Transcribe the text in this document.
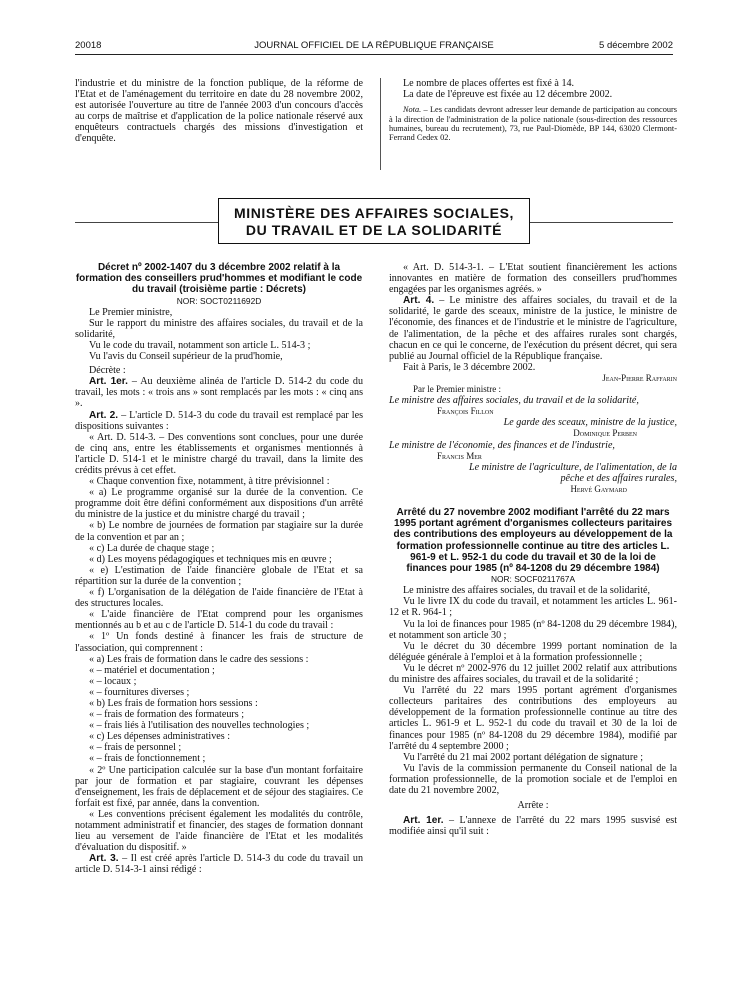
20018	JOURNAL OFFICIEL DE LA RÉPUBLIQUE FRANÇAISE	5 décembre 2002

l'industrie et du ministre de la fonction publique, de la réforme de l'Etat et de l'aménagement du territoire en date du 28 novembre 2002, est autorisée l'ouverture au titre de l'année 2003 d'un concours d'accès au corps de maîtrise et d'application de la police nationale réservé aux enquêteurs contractuels chargés des missions d'investigation et d'enquête.

Le nombre de places offertes est fixé à 14.

La date de l'épreuve est fixée au 12 décembre 2002.

Nota. – Les candidats devront adresser leur demande de participation au concours à la direction de l'administration de la police nationale (sous-direction des ressources humaines, bureau du recrutement), 73, rue Paul-Diomède, BP 144, 63020 Clermont-Ferrand Cedex 02.

MINISTÈRE DES AFFAIRES SOCIALES,
DU TRAVAIL ET DE LA SOLIDARITÉ

Décret nº 2002-1407 du 3 décembre 2002 relatif à la formation des conseillers prud'hommes et modifiant le code du travail (troisième partie : Décrets)

NOR: SOCT0211692D

Le Premier ministre,

Sur le rapport du ministre des affaires sociales, du travail et de la solidarité,

Vu le code du travail, notamment son article L. 514-3 ;

Vu l'avis du Conseil supérieur de la prud'homie,

Décrète :

Art. 1er. – Au deuxième alinéa de l'article D. 514-2 du code du travail, les mots : « trois ans » sont remplacés par les mots : « cinq ans ».

Art. 2. – L'article D. 514-3 du code du travail est remplacé par les dispositions suivantes :

« Art. D. 514-3. – Des conventions sont conclues, pour une durée de cinq ans, entre les établissements et organismes mentionnés à l'article D. 514-1 et le ministre chargé du travail, dans la limite des crédits prévus à cet effet.

« Chaque convention fixe, notamment, à titre prévisionnel :

« a) Le programme organisé sur la durée de la convention. Ce programme doit être défini conformément aux dispositions d'un arrêté du ministre de la justice et du ministre chargé du travail ;

« b) Le nombre de journées de formation par stagiaire sur la durée de la convention et par an ;

« c) La durée de chaque stage ;

« d) Les moyens pédagogiques et techniques mis en œuvre ;

« e) L'estimation de l'aide financière globale de l'Etat et sa répartition sur la durée de la convention ;

« f) L'organisation de la délégation de l'aide financière de l'Etat à des structures locales.

« L'aide financière de l'Etat comprend pour les organismes mentionnés au b et au c de l'article D. 514-1 du code du travail :

« 1º Un fonds destiné à financer les frais de structure de l'association, qui comprennent :

« a) Les frais de formation dans le cadre des sessions :

« – matériel et documentation ;

« – locaux ;

« – fournitures diverses ;

« b) Les frais de formation hors sessions :

« – frais de formation des formateurs ;

« – frais liés à l'utilisation des nouvelles technologies ;

« c) Les dépenses administratives :

« – frais de personnel ;

« – frais de fonctionnement ;

« 2º Une participation calculée sur la base d'un montant forfaitaire par jour de formation et par stagiaire, couvrant les dépenses d'enseignement, les frais de déplacement et de séjour des stagiaires. Ce forfait est fixé, par année, dans la convention.

« Les conventions précisent également les modalités du contrôle, notamment administratif et financier, des stages de formation donnant lieu au versement de l'aide financière de l'Etat et les modalités d'évaluation du dispositif. »

Art. 3. – Il est créé après l'article D. 514-3 du code du travail un article D. 514-3-1 ainsi rédigé :

« Art. D. 514-3-1. – L'Etat soutient financièrement les actions innovantes en matière de formation des conseillers prud'hommes engagées par les organismes agréés. »

Art. 4. – Le ministre des affaires sociales, du travail et de la solidarité, le garde des sceaux, ministre de la justice, le ministre de l'économie, des finances et de l'industrie et le ministre de l'agriculture, de l'alimentation, de la pêche et des affaires rurales sont chargés, chacun en ce qui le concerne, de l'exécution du présent décret, qui sera publié au Journal officiel de la République française.

Fait à Paris, le 3 décembre 2002.

Jean-Pierre Raffarin

Par le Premier ministre :

Le ministre des affaires sociales, du travail et de la solidarité,

François Fillon

Le garde des sceaux, ministre de la justice,

Dominique Perben

Le ministre de l'économie, des finances et de l'industrie,

Francis Mer

Le ministre de l'agriculture, de l'alimentation, de la pêche et des affaires rurales,

Hervé Gaymard

Arrêté du 27 novembre 2002 modifiant l'arrêté du 22 mars 1995 portant agrément d'organismes collecteurs paritaires des contributions des employeurs au développement de la formation professionnelle continue au titre des articles L. 961-9 et L. 952-1 du code du travail et 30 de la loi de finances pour 1985 (nº 84-1208 du 29 décembre 1984)

NOR: SOCF0211767A

Le ministre des affaires sociales, du travail et de la solidarité,

Vu le livre IX du code du travail, et notamment les articles L. 961-12 et R. 964-1 ;

Vu la loi de finances pour 1985 (nº 84-1208 du 29 décembre 1984), et notamment son article 30 ;

Vu le décret du 30 décembre 1999 portant nomination de la déléguée générale à l'emploi et à la formation professionnelle ;

Vu le décret nº 2002-976 du 12 juillet 2002 relatif aux attributions du ministre des affaires sociales, du travail et de la solidarité ;

Vu l'arrêté du 22 mars 1995 portant agrément d'organismes collecteurs paritaires des contributions des employeurs au développement de la formation professionnelle continue au titre des articles L. 961-9 et L. 952-1 du code du travail et 30 de la loi de finances pour 1985 (nº 84-1208 du 29 décembre 1984), modifié par l'arrêté du 4 septembre 2000 ;

Vu l'arrêté du 21 mai 2002 portant délégation de signature ;

Vu l'avis de la commission permanente du Conseil national de la formation professionnelle, de la promotion sociale et de l'emploi en date du 21 novembre 2002,

Arrête :

Art. 1er. – L'annexe de l'arrêté du 22 mars 1995 susvisé est modifiée ainsi qu'il suit :
